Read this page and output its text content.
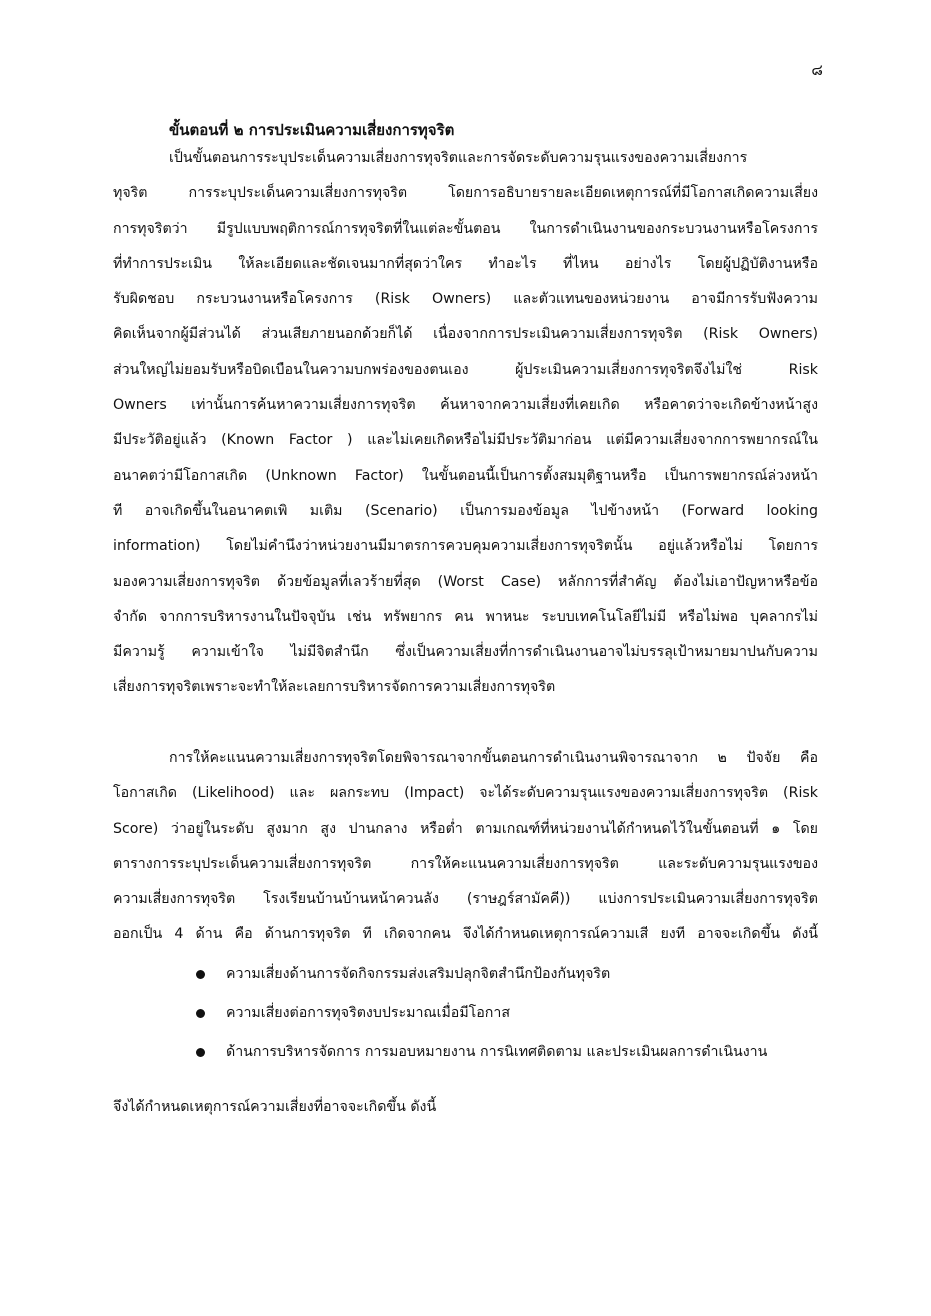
๘
ขั้นตอนที่ ๒ การประเมินความเสี่ยงการทุจริต
เป็นขั้นตอนการระบุประเด็นความเสี่ยงการทุจริตและการจัดระดับความรุนแรงของความเสี่ยงการ
ทุจริต การระบุประเด็นความเสี่ยงการทุจริต โดยการอธิบายรายละเอียดเหตุการณ์ที่มีโอกาสเกิดความเสี่ยง
การทุจริตว่า มีรูปแบบพฤติการณ์การทุจริตที่ในแต่ละขั้นตอน ในการดำเนินงานของกระบวนงานหรือโครงการ
ที่ทำการประเมิน ให้ละเอียดและชัดเจนมากที่สุดว่าใคร ทำอะไร ที่ไหน อย่างไร โดยผู้ปฏิบัติงานหรือ
รับผิดชอบ กระบวนงานหรือโครงการ (Risk Owners) และตัวแทนของหน่วยงาน อาจมีการรับฟังความ
คิดเห็นจากผู้มีส่วนได้ ส่วนเสียภายนอกด้วยก็ได้ เนื่องจากการประเมินความเสี่ยงการทุจริต (Risk Owners)
ส่วนใหญ่ไม่ยอมรับหรือบิดเบือนในความบกพร่องของตนเอง ผู้ประเมินความเสี่ยงการทุจริตจึงไม่ใช่ Risk
Owners เท่านั้นการค้นหาความเสี่ยงการทุจริต ค้นหาจากความเสี่ยงที่เคยเกิด หรือคาดว่าจะเกิดข้างหน้าสูง
มีประวัติอยู่แล้ว (Known Factor ) และไม่เคยเกิดหรือไม่มีประวัติมาก่อน แต่มีความเสี่ยงจากการพยากรณ์ใน
อนาคตว่ามีโอกาสเกิด (Unknown Factor) ในขั้นตอนนี้เป็นการตั้งสมมุติฐานหรือ เป็นการพยากรณ์ล่วงหน้า
ที อาจเกิดขึ้นในอนาคตเพิ มเติม (Scenario) เป็นการมองข้อมูล ไปข้างหน้า (Forward looking
information) โดยไม่คำนึงว่าหน่วยงานมีมาตรการควบคุมความเสี่ยงการทุจริตนั้น อยู่แล้วหรือไม่ โดยการ
มองความเสี่ยงการทุจริต ด้วยข้อมูลที่เลวร้ายที่สุด (Worst Case) หลักการที่สำคัญ ต้องไม่เอาปัญหาหรือข้อ
จำกัด จากการบริหารงานในปัจจุบัน เช่น ทรัพยากร คน พาหนะ ระบบเทคโนโลยีไม่มี หรือไม่พอ บุคลากรไม่
มีความรู้ ความเข้าใจ ไม่มีจิตสำนึก ซึ่งเป็นความเสี่ยงที่การดำเนินงานอาจไม่บรรลุเป้าหมายมาปนกับความ
เสี่ยงการทุจริตเพราะจะทำให้ละเลยการบริหารจัดการความเสี่ยงการทุจริต
การให้คะแนนความเสี่ยงการทุจริตโดยพิจารณาจากขั้นตอนการดำเนินงานพิจารณาจาก ๒ ปัจจัย คือ
โอกาสเกิด (Likelihood) และ ผลกระทบ (Impact) จะได้ระดับความรุนแรงของความเสี่ยงการทุจริต (Risk
Score) ว่าอยู่ในระดับ สูงมาก สูง ปานกลาง หรือต่ำ ตามเกณฑ์ที่หน่วยงานได้กำหนดไว้ในขั้นตอนที่ ๑ โดย
ตารางการระบุประเด็นความเสี่ยงการทุจริต การให้คะแนนความเสี่ยงการทุจริต และระดับความรุนแรงของ
ความเสี่ยงการทุจริต โรงเรียนบ้านบ้านหน้าควนลัง (ราษฎร์สามัคคี)) แบ่งการประเมินความเสี่ยงการทุจริต
ออกเป็น 4 ด้าน คือ ด้านการทุจริต ที เกิดจากคน จึงได้กำหนดเหตุการณ์ความเสี ยงที อาจจะเกิดขึ้น ดังนี้
ความเสี่ยงด้านการจัดกิจกรรมส่งเสริมปลุกจิตสำนึกป้องกันทุจริต
ความเสี่ยงต่อการทุจริตงบประมาณเมื่อมีโอกาส
ด้านการบริหารจัดการ การมอบหมายงาน การนิเทศติดตาม และประเมินผลการดำเนินงาน
จึงได้กำหนดเหตุการณ์ความเสี่ยงที่อาจจะเกิดขึ้น ดังนี้
